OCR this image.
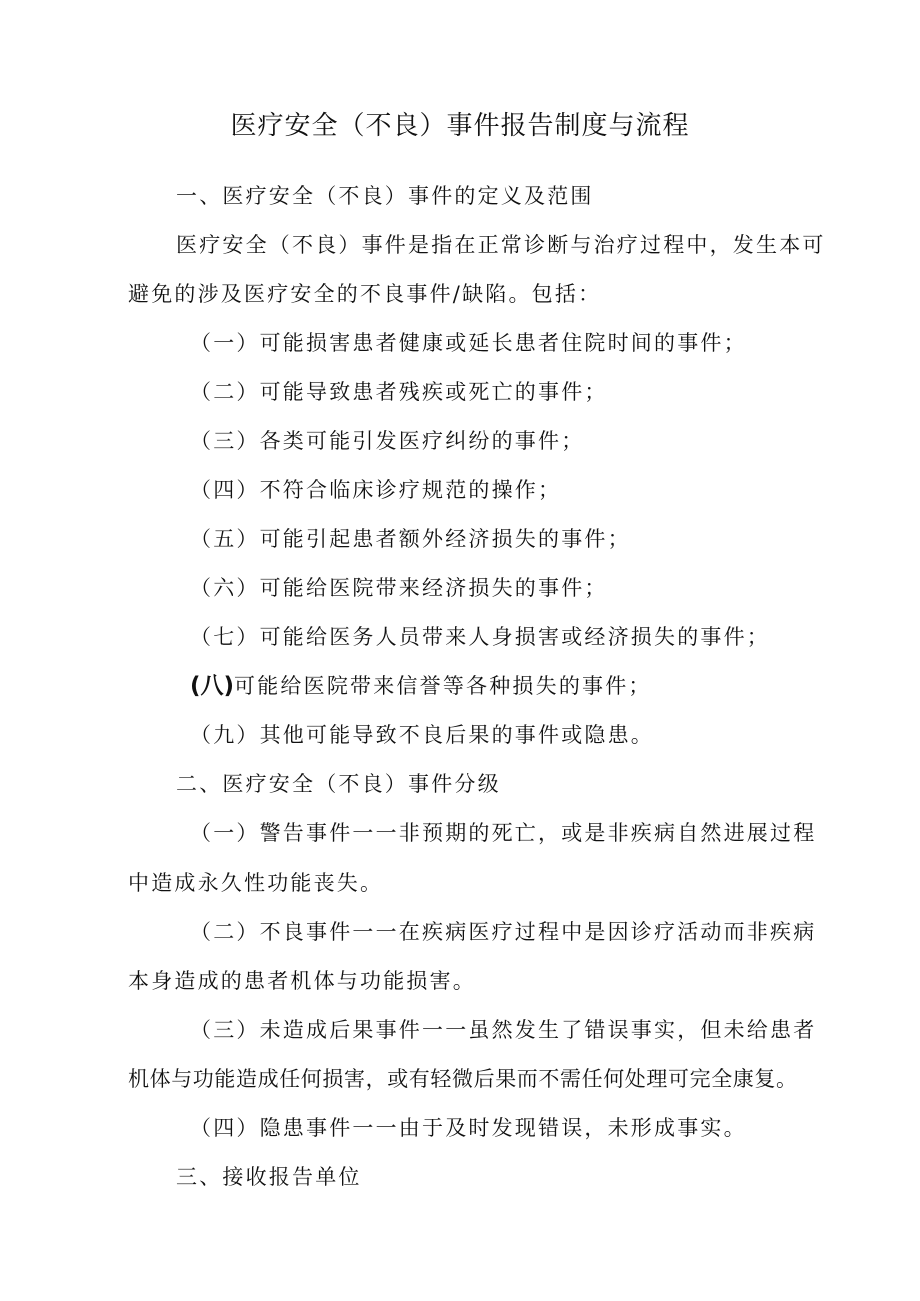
医疗安全（不良）事件报告制度与流程
一、医疗安全（不良）事件的定义及范围
医疗安全（不良）事件是指在正常诊断与治疗过程中，发生本可
避免的涉及医疗安全的不良事件/缺陷。包括：
（一）可能损害患者健康或延长患者住院时间的事件；
（二）可能导致患者残疾或死亡的事件；
（三）各类可能引发医疗纠纷的事件；
（四）不符合临床诊疗规范的操作；
（五）可能引起患者额外经济损失的事件；
（六）可能给医院带来经济损失的事件；
（七）可能给医务人员带来人身损害或经济损失的事件；
(八)可能给医院带来信誉等各种损失的事件；
（九）其他可能导致不良后果的事件或隐患。
二、医疗安全（不良）事件分级
（一）警告事件一一非预期的死亡，或是非疾病自然进展过程
中造成永久性功能丧失。
（二）不良事件一一在疾病医疗过程中是因诊疗活动而非疾病
本身造成的患者机体与功能损害。
（三）未造成后果事件一一虽然发生了错误事实，但未给患者
机体与功能造成任何损害，或有轻微后果而不需任何处理可完全康复。
（四）隐患事件一一由于及时发现错误，未形成事实。
三、接收报告单位
